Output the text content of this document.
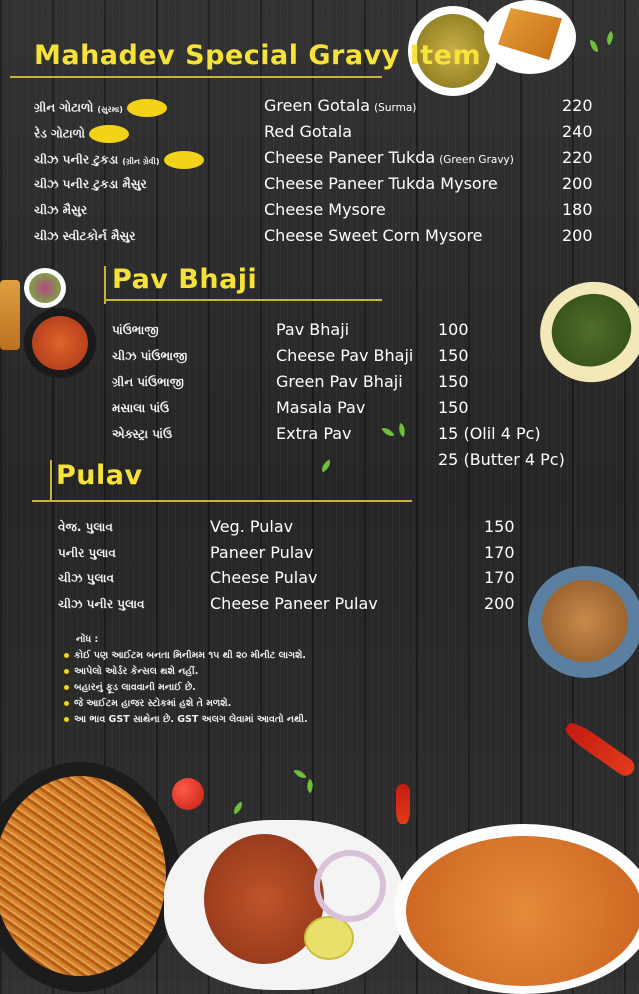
Mahadev Special Gravy Item
ગ્રીન ગોટાળો (સુરમા)	Green Gotala (Surma)	220
રેડ ગોટાળો	Red Gotala	240
ચીઝ પનીર ટુકડા (ગ્રીન ગ્રેવી)	Cheese Paneer Tukda (Green Gravy)	220
ચીઝ પનીર ટુકડા મૈસુર	Cheese Paneer Tukda Mysore	200
ચીઝ મૈસુર	Cheese Mysore	180
ચીઝ સ્વીટકોર્ન મૈસુર	Cheese Sweet Corn Mysore	200
Pav Bhaji
પાંઉભાજી	Pav Bhaji	100
ચીઝ પાંઉભાજી	Cheese Pav Bhaji 150
ગ્રીન પાંઉભાજી	Green Pav Bhaji 150
મસાલા પાંઉ	Masala Pav	150
એક્સ્ટ્રા પાંઉ	Extra Pav	15 (Olil 4 Pc)
25 (Butter 4 Pc)
Pulav
વેજ. પુલાવ	Veg. Pulav	150
પનીર પુલાવ	Paneer Pulav	170
ચીઝ પુલાવ	Cheese Pulav	170
ચીઝ પનીર પુલાવ	Cheese Paneer Pulav	200
નોંધ :
કોઈ પણ આઈટમ બનતા મિનીમમ ૧૫ થી ૨૦ મીનીટ લાગશે.
આપેલો ઓર્ડર કેન્સલ થશે નહીં.
બહારનું ફૂડ લાવવાની મનાઈ છે.
જે આઈટમ હાજર સ્ટોકમાં હશે તે મળશે.
આ ભાવ GST સાથેના છે. GST અલગ લેવામાં આવતો નથી.
